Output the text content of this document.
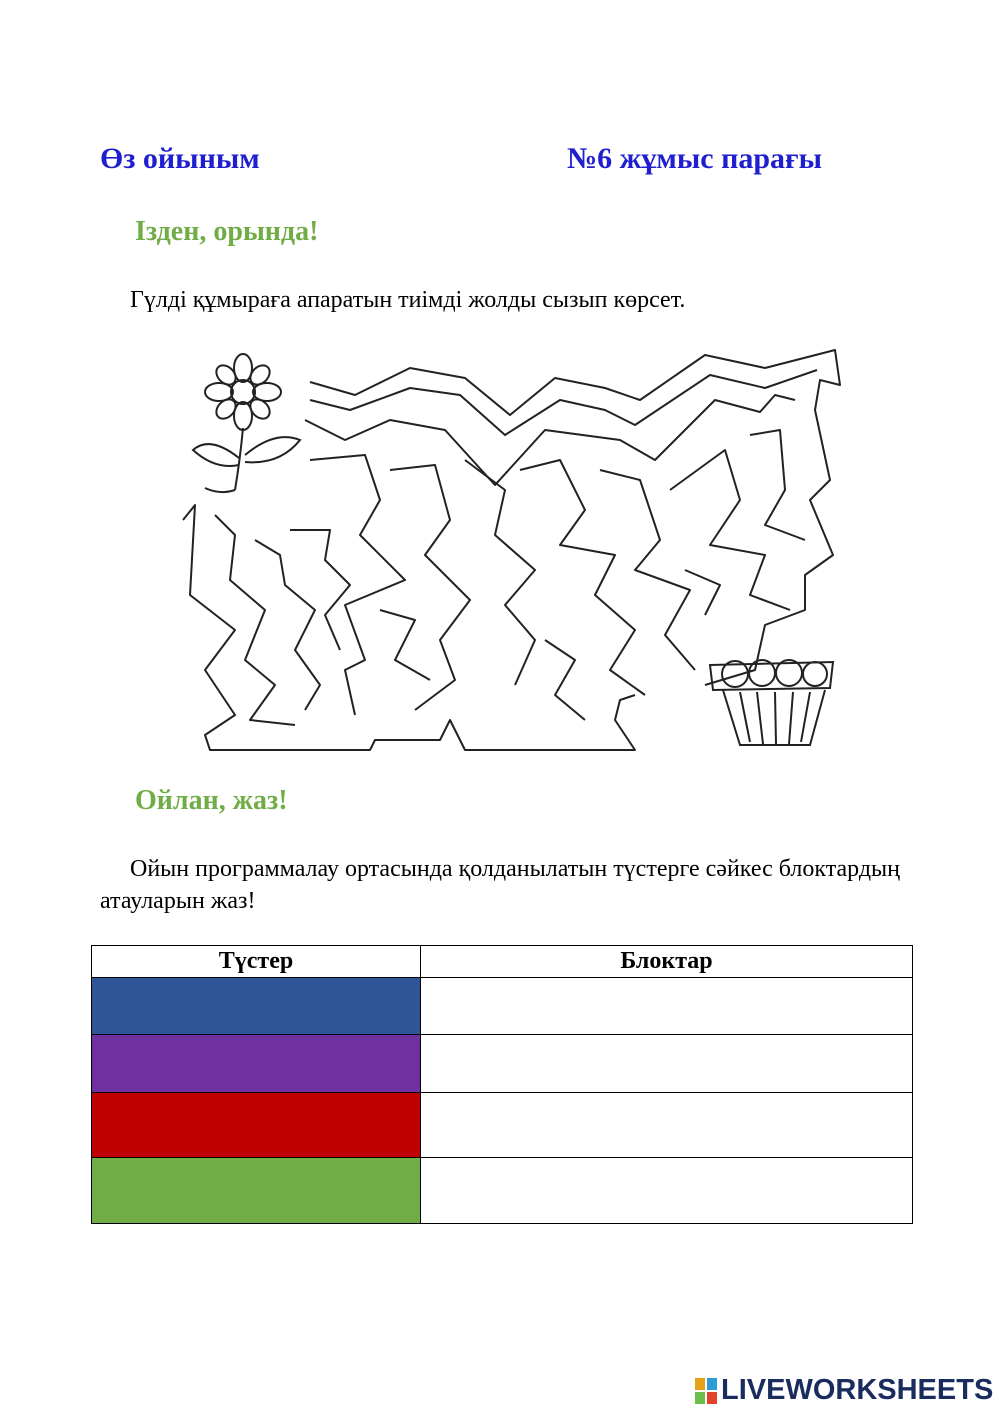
Өз ойыным	№6 жұмыс парағы
Ізден, орында!
Гүлді құмыраға апаратын тиімді жолды сызып көрсет.
Ойлан, жаз!
Ойын программалау ортасында қолданылатын түстерге сәйкес блоктардың атауларын жаз!
Түстер	Блоктар

LIVEWORKSHEETS
